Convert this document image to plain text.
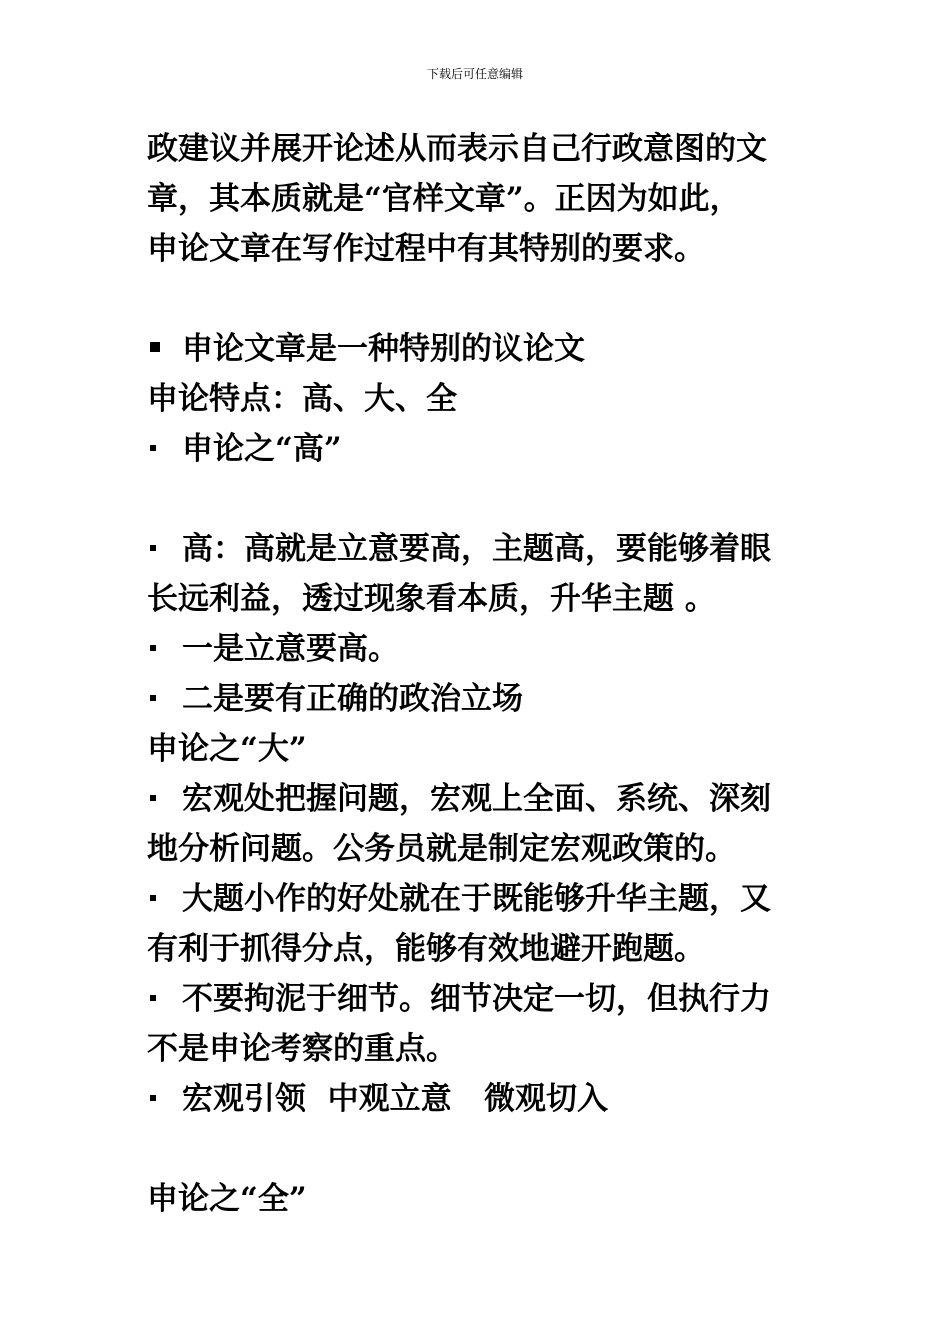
下载后可任意编辑
政建议并展开论述从而表示自己行政意图的文
章，其本质就是“官样文章”。正因为如此，
申论文章在写作过程中有其特别的要求。
申论文章是一种特别的议论文
申论特点：高、大、全
申论之“高”
高：高就是立意要高，主题高，要能够着眼
长远利益，透过现象看本质，升华主题 。
一是立意要高。
二是要有正确的政治立场
申论之“大”
宏观处把握问题，宏观上全面、系统、深刻
地分析问题。公务员就是制定宏观政策的。
大题小作的好处就在于既能够升华主题，又
有利于抓得分点，能够有效地避开跑题。
不要拘泥于细节。细节决定一切，但执行力
不是申论考察的重点。
宏观引领  中观立意   微观切入
申论之“全”
